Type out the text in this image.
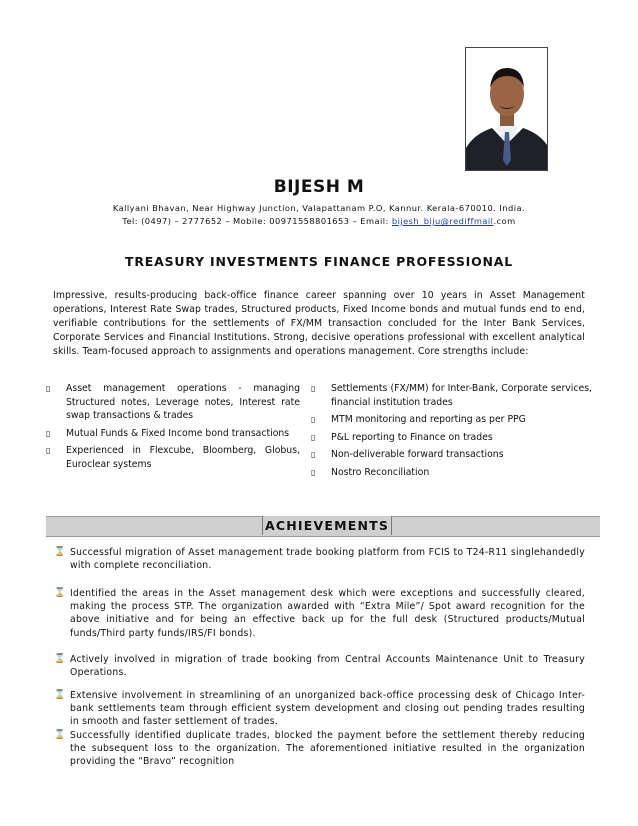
BIJESH M
Kallyani Bhavan, Near Highway Junction, Valapattanam P.O, Kannur. Kerala-670010. India.
Tel: (0497) – 2777652 – Mobile: 00971558801653 – Email: bijesh_biju@rediffmail.com
TREASURY INVESTMENTS FINANCE PROFESSIONAL
Impressive, results-producing back-office finance career spanning over 10 years in Asset Management operations, Interest Rate Swap trades, Structured products, Fixed Income bonds and mutual funds end to end, verifiable contributions for the settlements of FX/MM transaction concluded for the Inter Bank Services, Corporate Services and Financial Institutions. Strong, decisive operations professional with excellent analytical skills. Team-focused approach to assignments and operations management. Core strengths include:
▯ Asset management operations - managing Structured notes, Leverage notes, Interest rate swap transactions & trades
▯ Mutual Funds & Fixed Income bond transactions
▯ Experienced in Flexcube, Bloomberg, Globus, Euroclear systems
▯ Settlements (FX/MM) for Inter-Bank, Corporate services, financial institution trades
▯ MTM monitoring and reporting as per PPG
▯ P&L reporting to Finance on trades
▯ Non-deliverable forward transactions
▯ Nostro Reconciliation
ACHIEVEMENTS
⌛ Successful migration of Asset management trade booking platform from FCIS to T24-R11 singlehandedly with complete reconciliation.
⌛ Identified the areas in the Asset management desk which were exceptions and successfully cleared, making the process STP. The organization awarded with “Extra Mile”/ Spot award recognition for the above initiative and for being an effective back up for the full desk (Structured products/Mutual funds/Third party funds/IRS/FI bonds).
⌛ Actively involved in migration of trade booking from Central Accounts Maintenance Unit to Treasury Operations.
⌛ Extensive involvement in streamlining of an unorganized back-office processing desk of Chicago Inter-bank settlements team through efficient system development and closing out pending trades resulting in smooth and faster settlement of trades.
⌛ Successfully identified duplicate trades, blocked the payment before the settlement thereby reducing the subsequent loss to the organization. The aforementioned initiative resulted in the organization providing the “Bravo” recognition
